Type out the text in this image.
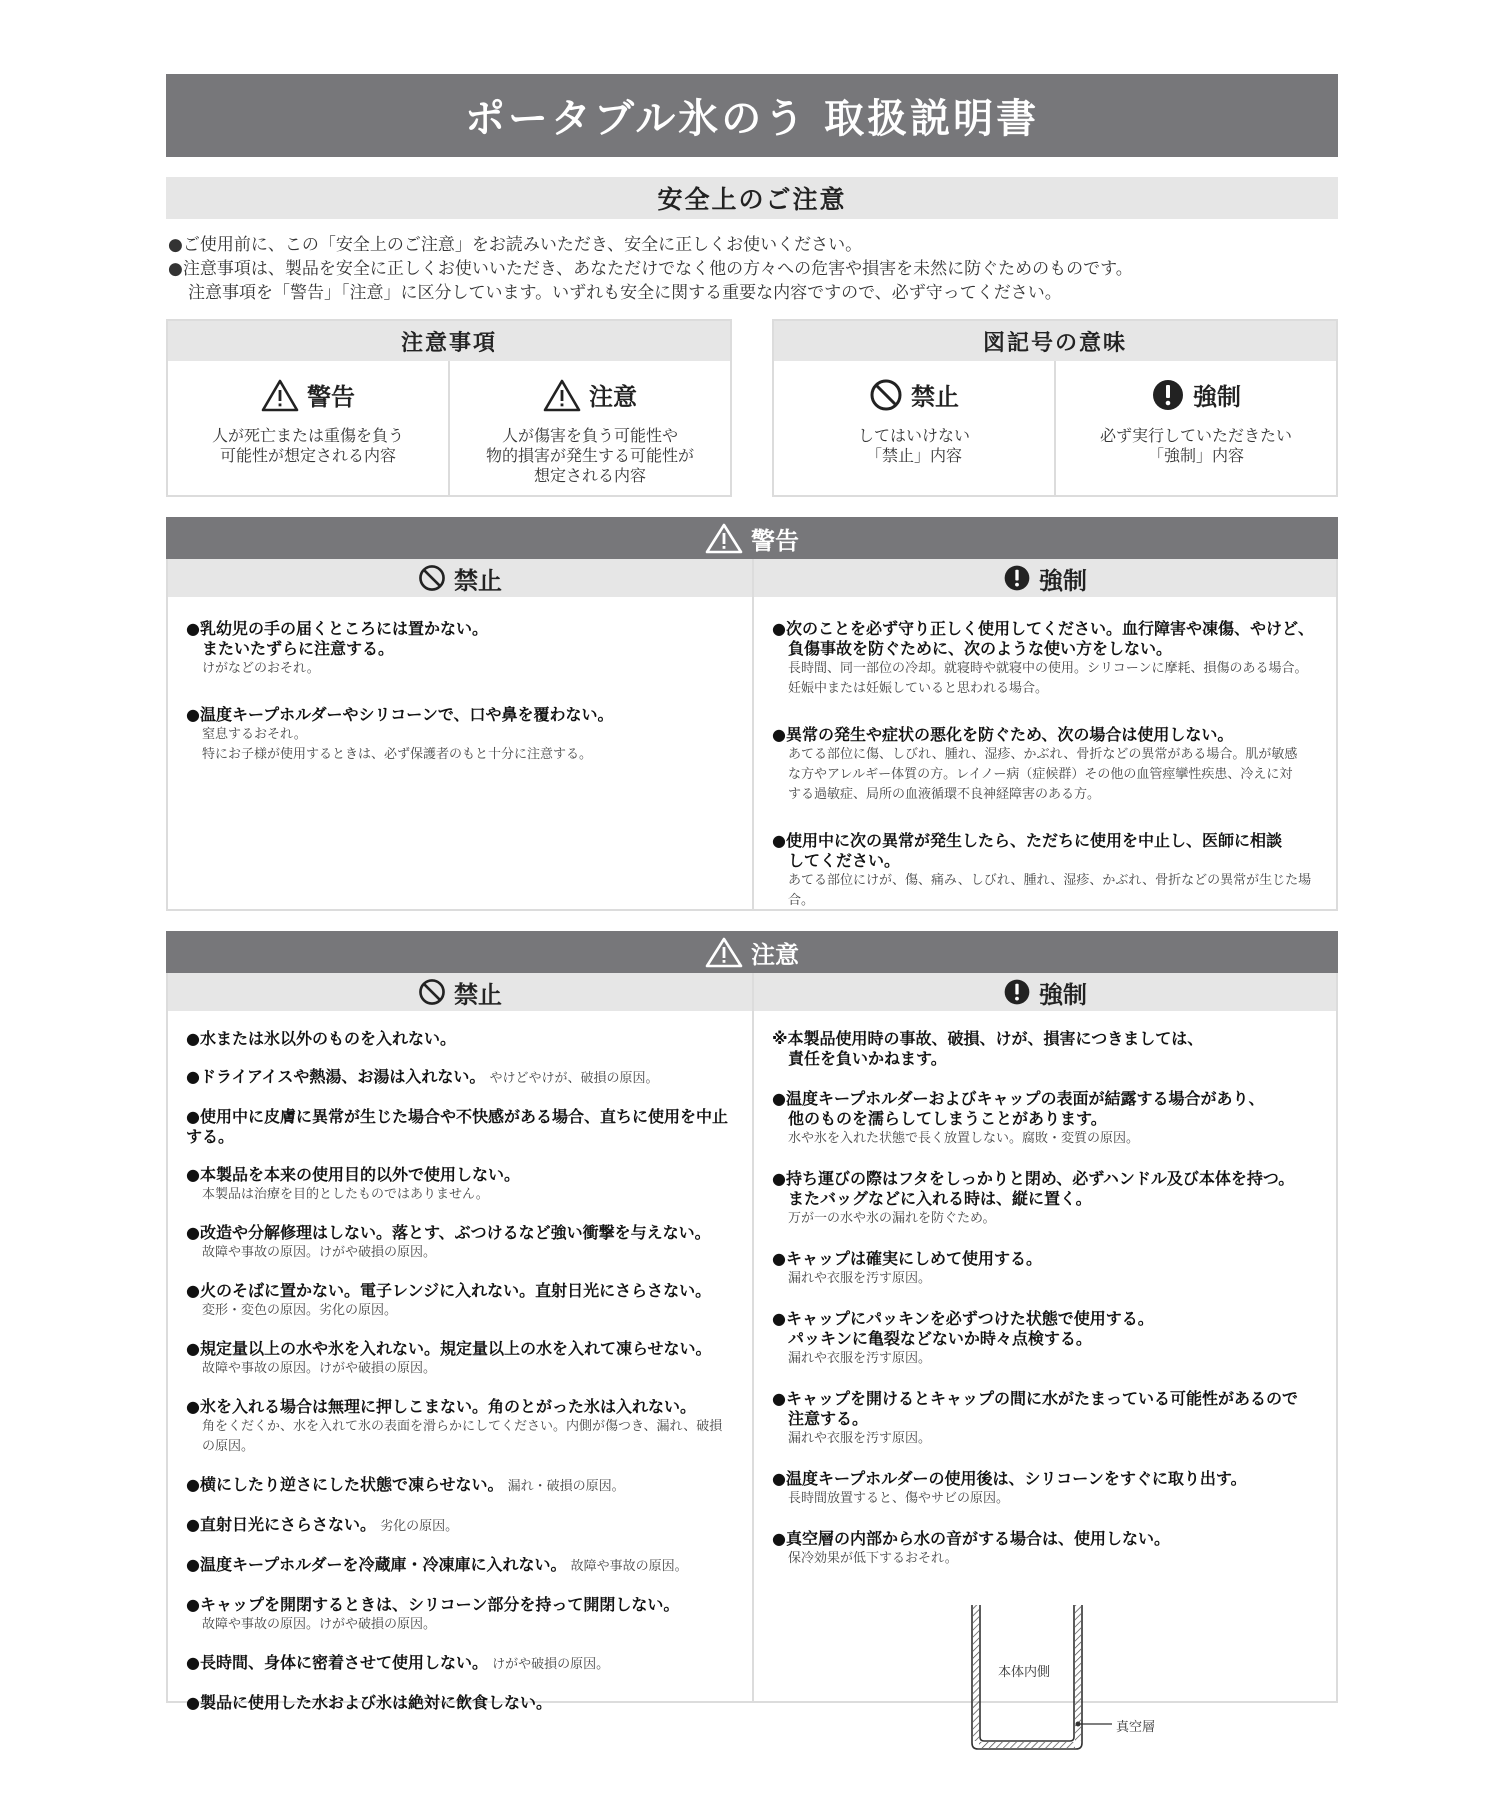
ポータブル氷のう 取扱説明書
安全上のご注意
●ご使用前に、この「安全上のご注意」をお読みいただき、安全に正しくお使いください。
●注意事項は、製品を安全に正しくお使いいただき、あなただけでなく他の方々への危害や損害を未然に防ぐためのものです。
注意事項を「警告」「注意」に区分しています。いずれも安全に関する重要な内容ですので、必ず守ってください。
注意事項
警告
人が死亡または重傷を負う
可能性が想定される内容
注意
人が傷害を負う可能性や
物的損害が発生する可能性が
想定される内容
図記号の意味
禁止
してはいけない
「禁止」内容
強制
必ず実行していただきたい
「強制」内容
警告
禁止
●乳幼児の手の届くところには置かない。
またいたずらに注意する。
けがなどのおそれ。
●温度キープホルダーやシリコーンで、口や鼻を覆わない。
窒息するおそれ。
特にお子様が使用するときは、必ず保護者のもと十分に注意する。
強制
●次のことを必ず守り正しく使用してください。血行障害や凍傷、やけど、
負傷事故を防ぐために、次のような使い方をしない。
長時間、同一部位の冷却。就寝時や就寝中の使用。シリコーンに摩耗、損傷のある場合。
妊娠中または妊娠していると思われる場合。
●異常の発生や症状の悪化を防ぐため、次の場合は使用しない。
あてる部位に傷、しびれ、腫れ、湿疹、かぶれ、骨折などの異常がある場合。肌が敏感
な方やアレルギー体質の方。レイノー病（症候群）その他の血管痙攣性疾患、冷えに対
する過敏症、局所の血液循環不良神経障害のある方。
●使用中に次の異常が発生したら、ただちに使用を中止し、医師に相談
してください。
あてる部位にけが、傷、痛み、しびれ、腫れ、湿疹、かぶれ、骨折などの異常が生じた場合。
注意
禁止
●水または氷以外のものを入れない。
●ドライアイスや熱湯、お湯は入れない。 やけどやけが、破損の原因。
●使用中に皮膚に異常が生じた場合や不快感がある場合、直ちに使用を中止する。
●本製品を本来の使用目的以外で使用しない。
本製品は治療を目的としたものではありません。
●改造や分解修理はしない。落とす、ぶつけるなど強い衝撃を与えない。
故障や事故の原因。けがや破損の原因。
●火のそばに置かない。電子レンジに入れない。直射日光にさらさない。
変形・変色の原因。劣化の原因。
●規定量以上の水や氷を入れない。規定量以上の水を入れて凍らせない。
故障や事故の原因。けがや破損の原因。
●氷を入れる場合は無理に押しこまない。角のとがった氷は入れない。
角をくだくか、水を入れて氷の表面を滑らかにしてください。内側が傷つき、漏れ、破損の原因。
●横にしたり逆さにした状態で凍らせない。 漏れ・破損の原因。
●直射日光にさらさない。 劣化の原因。
●温度キープホルダーを冷蔵庫・冷凍庫に入れない。 故障や事故の原因。
●キャップを開閉するときは、シリコーン部分を持って開閉しない。
故障や事故の原因。けがや破損の原因。
●長時間、身体に密着させて使用しない。 けがや破損の原因。
●製品に使用した水および氷は絶対に飲食しない。
強制
※本製品使用時の事故、破損、けが、損害につきましては、
責任を負いかねます。
●温度キープホルダーおよびキャップの表面が結露する場合があり、
他のものを濡らしてしまうことがあります。
水や氷を入れた状態で長く放置しない。腐敗・変質の原因。
●持ち運びの際はフタをしっかりと閉め、必ずハンドル及び本体を持つ。
またバッグなどに入れる時は、縦に置く。
万が一の水や氷の漏れを防ぐため。
●キャップは確実にしめて使用する。
漏れや衣服を汚す原因。
●キャップにパッキンを必ずつけた状態で使用する。
パッキンに亀裂などないか時々点検する。
漏れや衣服を汚す原因。
●キャップを開けるとキャップの間に水がたまっている可能性があるので
注意する。
漏れや衣服を汚す原因。
●温度キープホルダーの使用後は、シリコーンをすぐに取り出す。
長時間放置すると、傷やサビの原因。
●真空層の内部から水の音がする場合は、使用しない。
保冷効果が低下するおそれ。
本体内側
真空層
